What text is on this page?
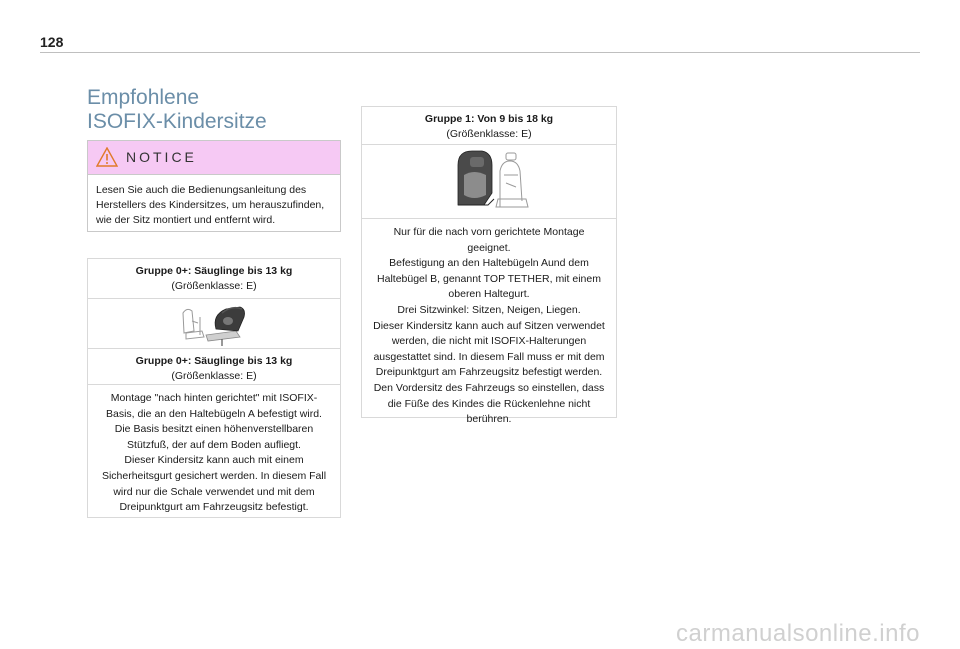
128
Empfohlene
ISOFIX-Kindersitze
NOTICE
Lesen Sie auch die Bedienungsanleitung des Herstellers des Kindersitzes, um herauszufinden, wie der Sitz montiert und entfernt wird.
Gruppe 0+: Säuglinge bis 13 kg
(Größenklasse: E)
Gruppe 0+: Säuglinge bis 13 kg
(Größenklasse: E)

Montage "nach hinten gerichtet" mit ISOFIX-Basis, die an den Haltebügeln A befestigt wird.

Die Basis besitzt einen höhenverstellbaren Stützfuß, der auf dem Boden aufliegt.

Dieser Kindersitz kann auch mit einem Sicherheitsgurt gesichert werden. In diesem Fall wird nur die Schale verwendet und mit dem Dreipunktgurt am Fahrzeugsitz befestigt.

Gruppe 1: Von 9 bis 18 kg
(Größenklasse: E)

Nur für die nach vorn gerichtete Montage geeignet.

Befestigung an den Haltebügeln Aund dem Haltebügel B, genannt TOP TETHER, mit einem oberen Haltegurt.

Drei Sitzwinkel: Sitzen, Neigen, Liegen.

Dieser Kindersitz kann auch auf Sitzen verwendet werden, die nicht mit ISOFIX-Halterungen ausgestattet sind. In diesem Fall muss er mit dem Dreipunktgurt am Fahrzeugsitz befestigt werden.

Den Vordersitz des Fahrzeugs so einstellen, dass die Füße des Kindes die Rückenlehne nicht berühren.

carmanualsonline.info
